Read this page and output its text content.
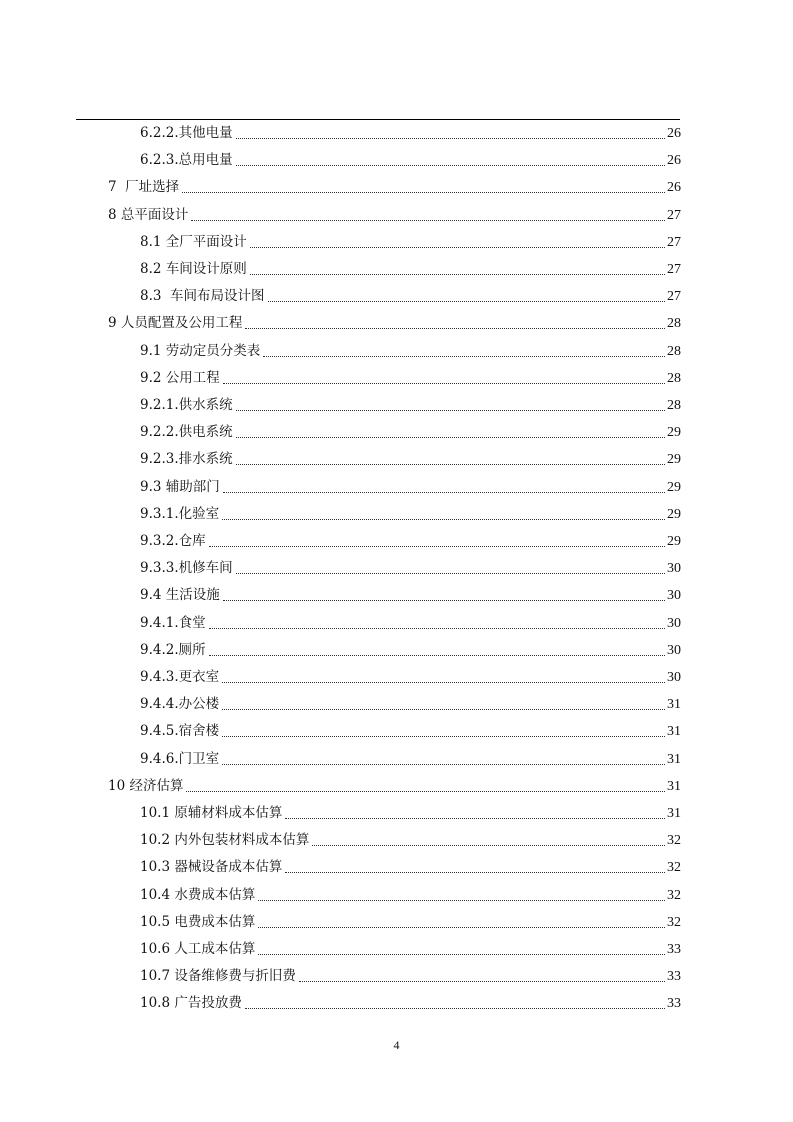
6.2.2.其他电量	26
6.2.3.总用电量	26
7  厂址选择	26
8 总平面设计	27
8.1 全厂平面设计	27
8.2 车间设计原则	27
8.3  车间布局设计图	27
9 人员配置及公用工程	28
9.1 劳动定员分类表	28
9.2 公用工程	28
9.2.1.供水系统	28
9.2.2.供电系统	29
9.2.3.排水系统	29
9.3 辅助部门	29
9.3.1.化验室	29
9.3.2.仓库	29
9.3.3.机修车间	30
9.4 生活设施	30
9.4.1.食堂	30
9.4.2.厕所	30
9.4.3.更衣室	30
9.4.4.办公楼	31
9.4.5.宿舍楼	31
9.4.6.门卫室	31
10 经济估算	31
10.1 原辅材料成本估算	31
10.2 内外包装材料成本估算	32
10.3 器械设备成本估算	32
10.4 水费成本估算	32
10.5 电费成本估算	32
10.6 人工成本估算	33
10.7 设备维修费与折旧费	33
10.8 广告投放费	33
4
